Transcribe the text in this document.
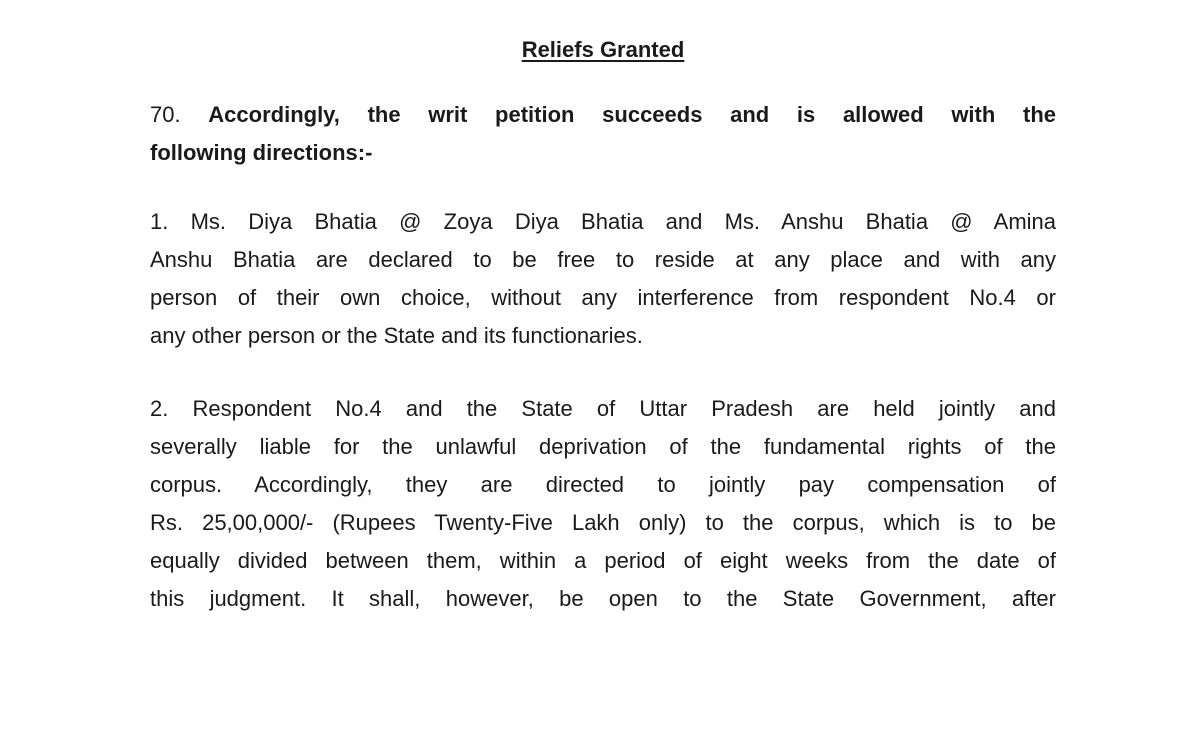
Reliefs Granted
70. Accordingly, the writ petition succeeds and is allowed with the
following directions:-
1. Ms. Diya Bhatia @ Zoya Diya Bhatia and Ms. Anshu Bhatia @ Amina
Anshu Bhatia are declared to be free to reside at any place and with any
person of their own choice, without any interference from respondent No.4 or
any other person or the State and its functionaries.
2. Respondent No.4 and the State of Uttar Pradesh are held jointly and
severally liable for the unlawful deprivation of the fundamental rights of the
corpus. Accordingly, they are directed to jointly pay compensation of
Rs. 25,00,000/- (Rupees Twenty-Five Lakh only) to the corpus, which is to be
equally divided between them, within a period of eight weeks from the date of
this judgment. It shall, however, be open to the State Government, after
